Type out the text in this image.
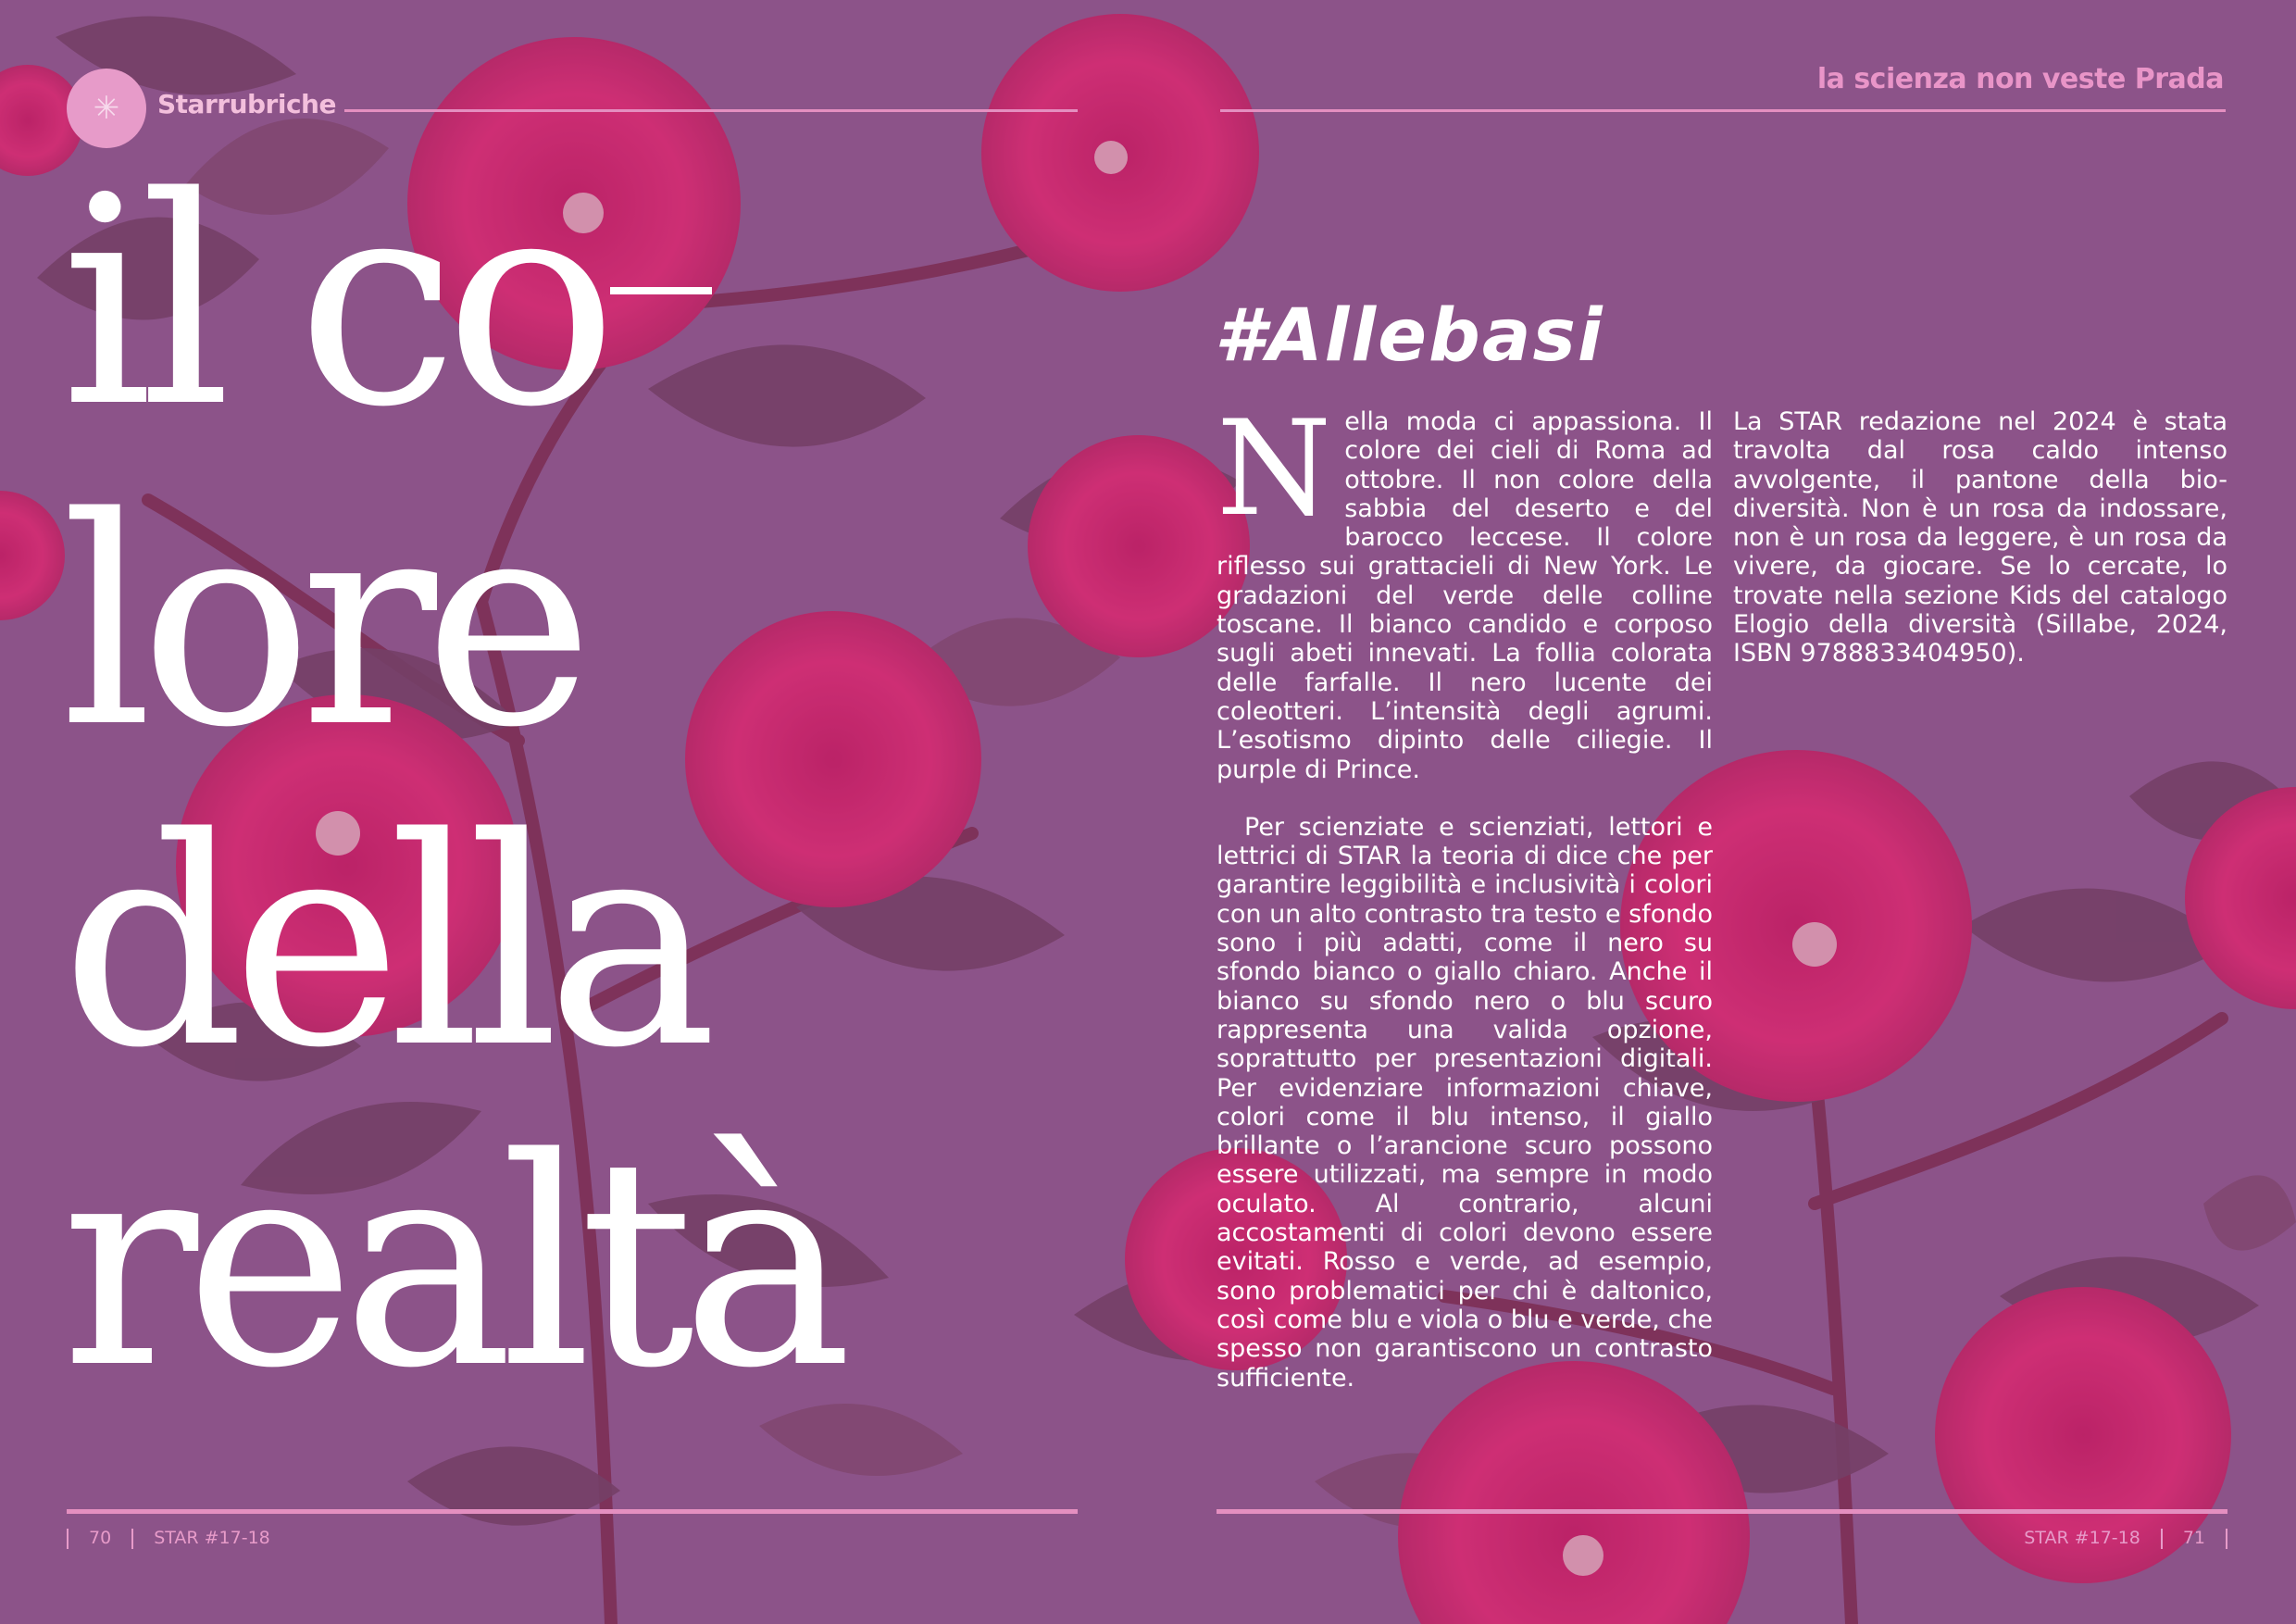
✳	Starrubriche
la scienza non veste Prada
il co
lore
della
realtà
#Allebasi

Nella moda ci appassiona. Il colore dei cieli di Roma ad ottobre. Il non colore della sabbia del deserto e del barocco leccese. Il colore riflesso sui grattacieli di New York. Le gradazioni del verde delle colline toscane. Il bianco candido e corposo sugli abeti innevati. La follia colorata delle farfalle. Il nero lucente dei coleotteri. L’intensità degli agrumi. L’esotismo dipinto delle ciliegie. Il purple di Prince.

Per scienziate e scienziati, lettori e lettrici di STAR la teoria di dice che per garantire leggibilità e inclusività i colori con un alto contrasto tra testo e sfondo sono i più adatti, come il nero su sfondo bianco o giallo chiaro. Anche il bianco su sfondo nero o blu scuro rappresenta una valida opzione, soprattutto per presentazioni digitali. Per evidenziare informazioni chiave, colori come il blu intenso, il giallo brillante o l’arancione scuro possono essere utilizzati, ma sempre in modo oculato. Al contrario, alcuni accostamenti di colori devono essere evitati. Rosso e verde, ad esempio, sono problematici per chi è daltonico, così come blu e viola o blu e verde, che spesso non garantiscono un contrasto sufficiente.

La STAR redazione nel 2024 è stata travolta dal rosa caldo intenso avvolgente, il pantone della bio-diversità. Non è un rosa da indossare, non è un rosa da leggere, è un rosa da vivere, da giocare. Se lo cercate, lo trovate nella sezione Kids del catalogo Elogio della diversità (Sillabe, 2024, ISBN 9788833404950).

70 STAR #17-18	STAR #17-18 71
